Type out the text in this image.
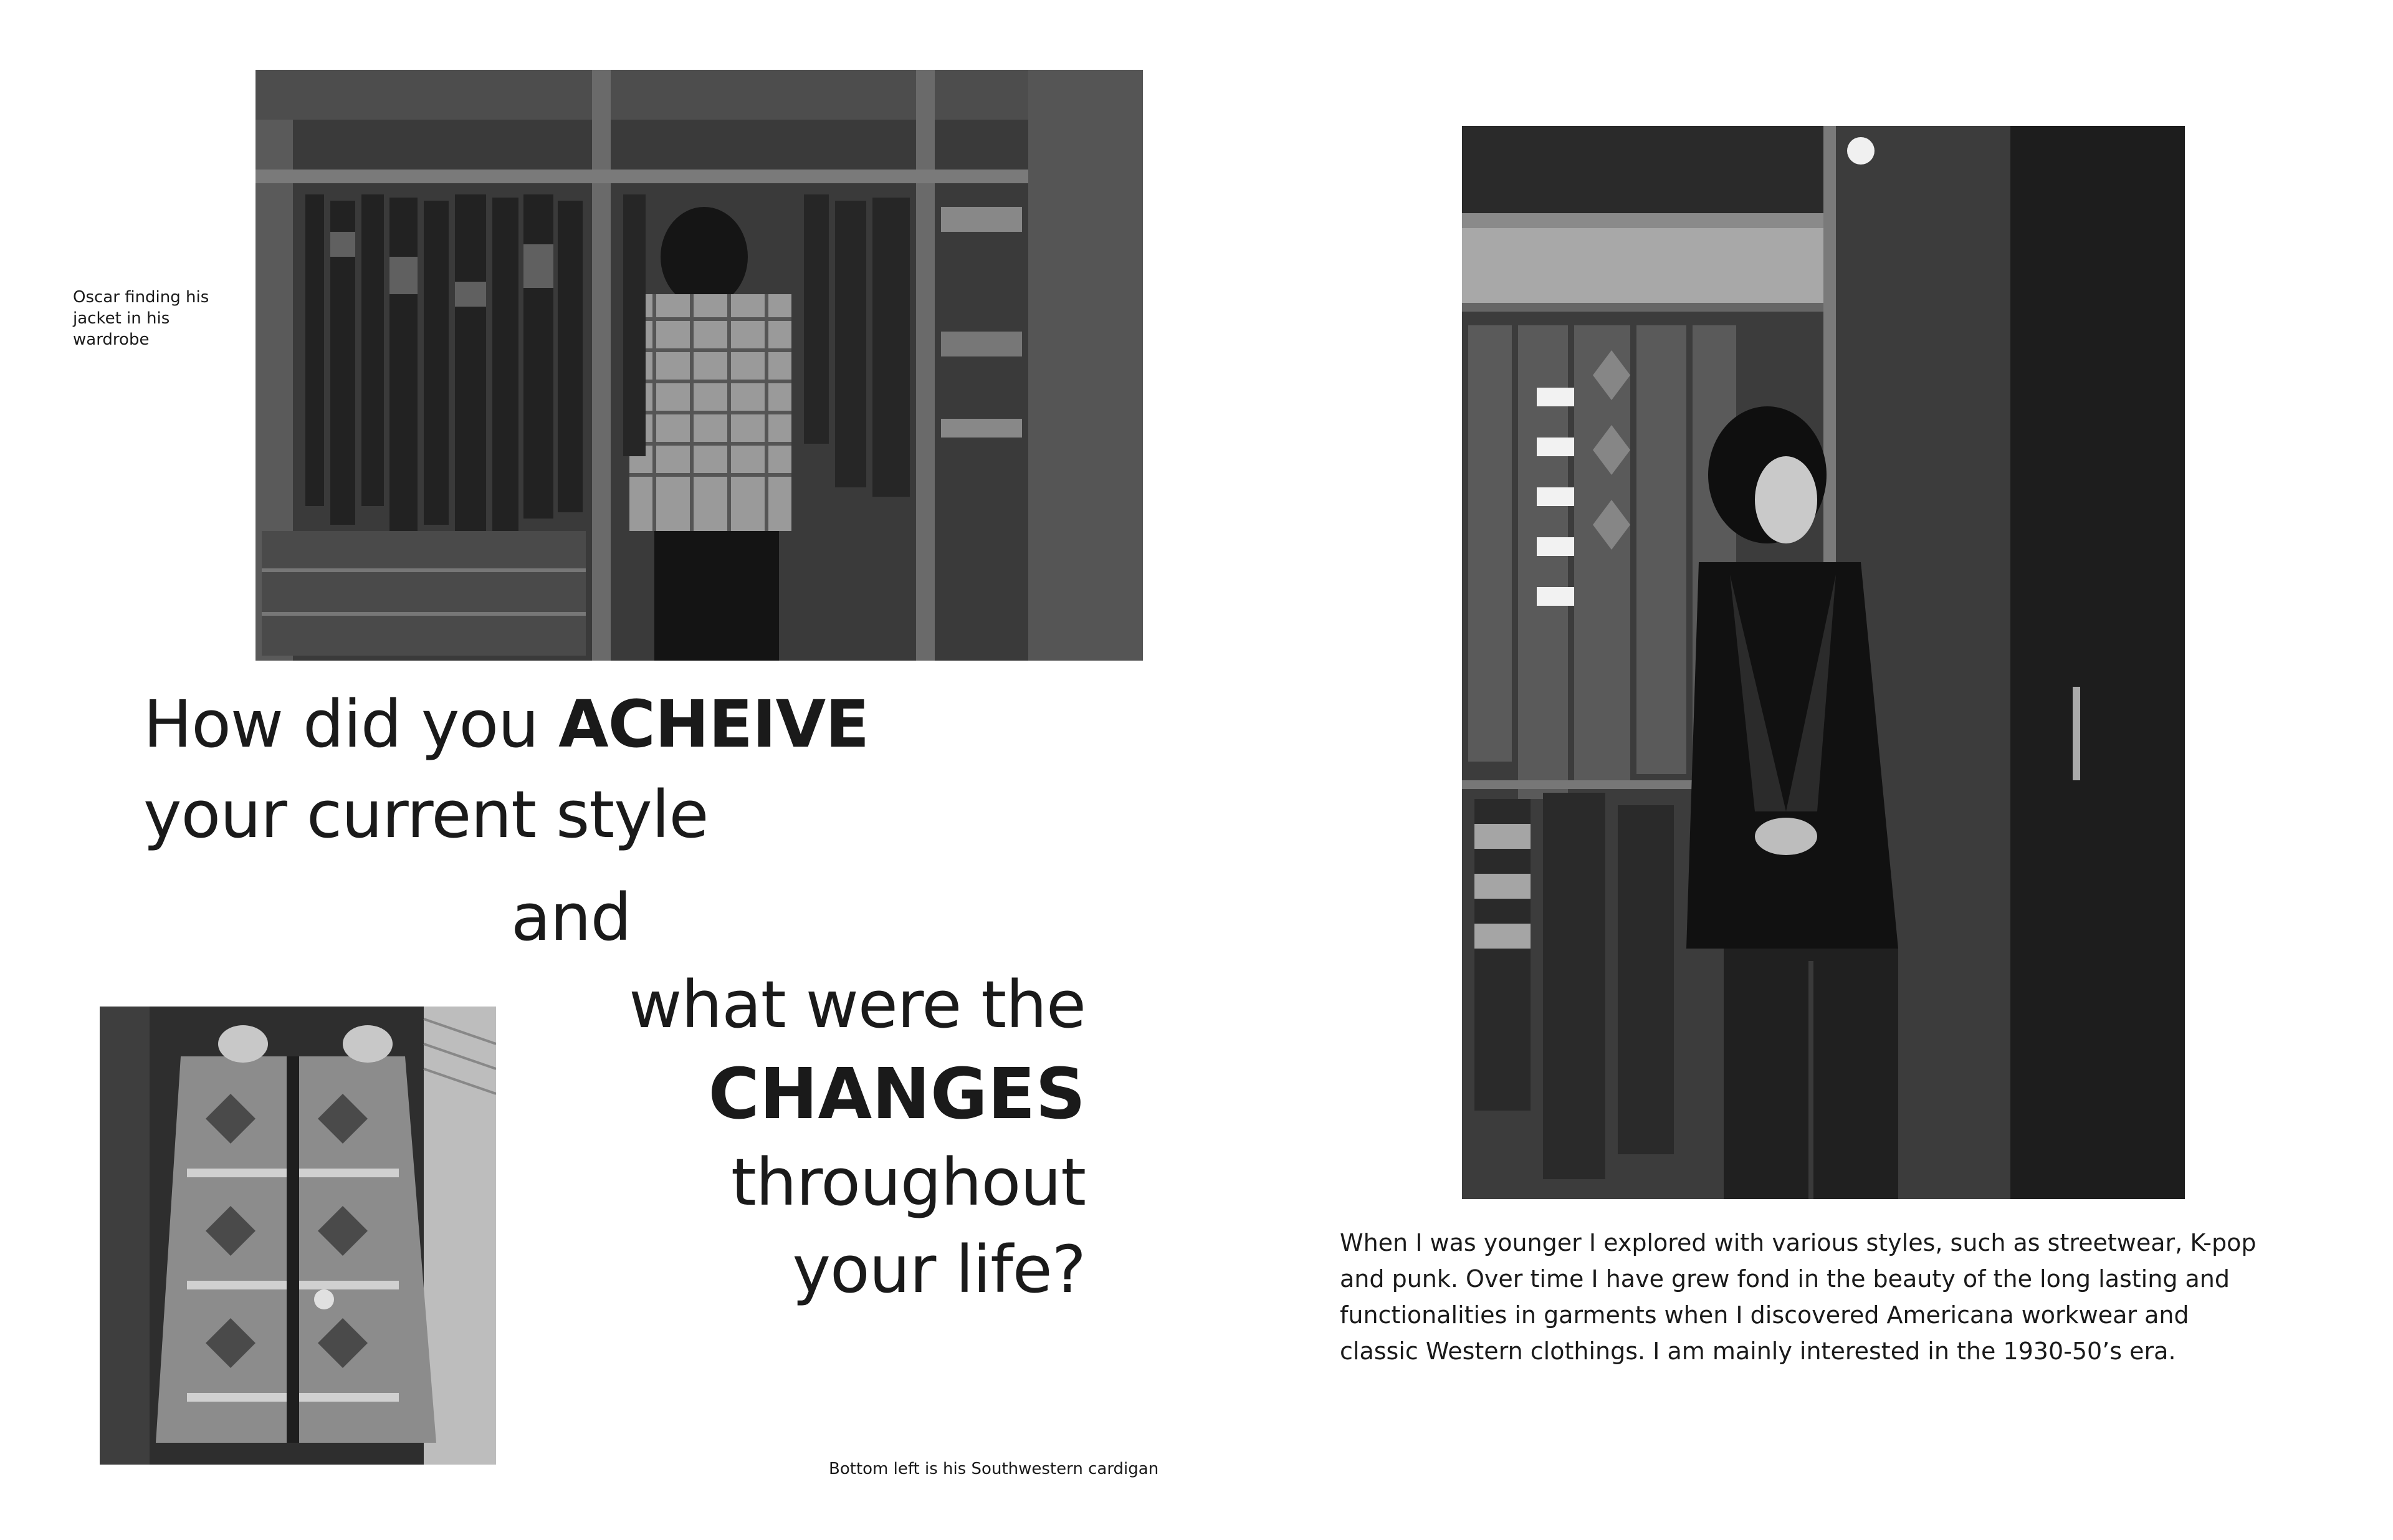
Oscar finding his jacket in his wardrobe

How did you ACHEIVE
your current style
and
what were the
CHANGES
throughout
your life?

Bottom left is his Southwestern cardigan

When I was younger I explored with various styles, such as streetwear, K-pop and punk. Over time I have grew fond in the beauty of the long lasting and functionalities in garments when I discovered Americana workwear and classic Western clothings. I am mainly interested in the 1930-50’s era.
